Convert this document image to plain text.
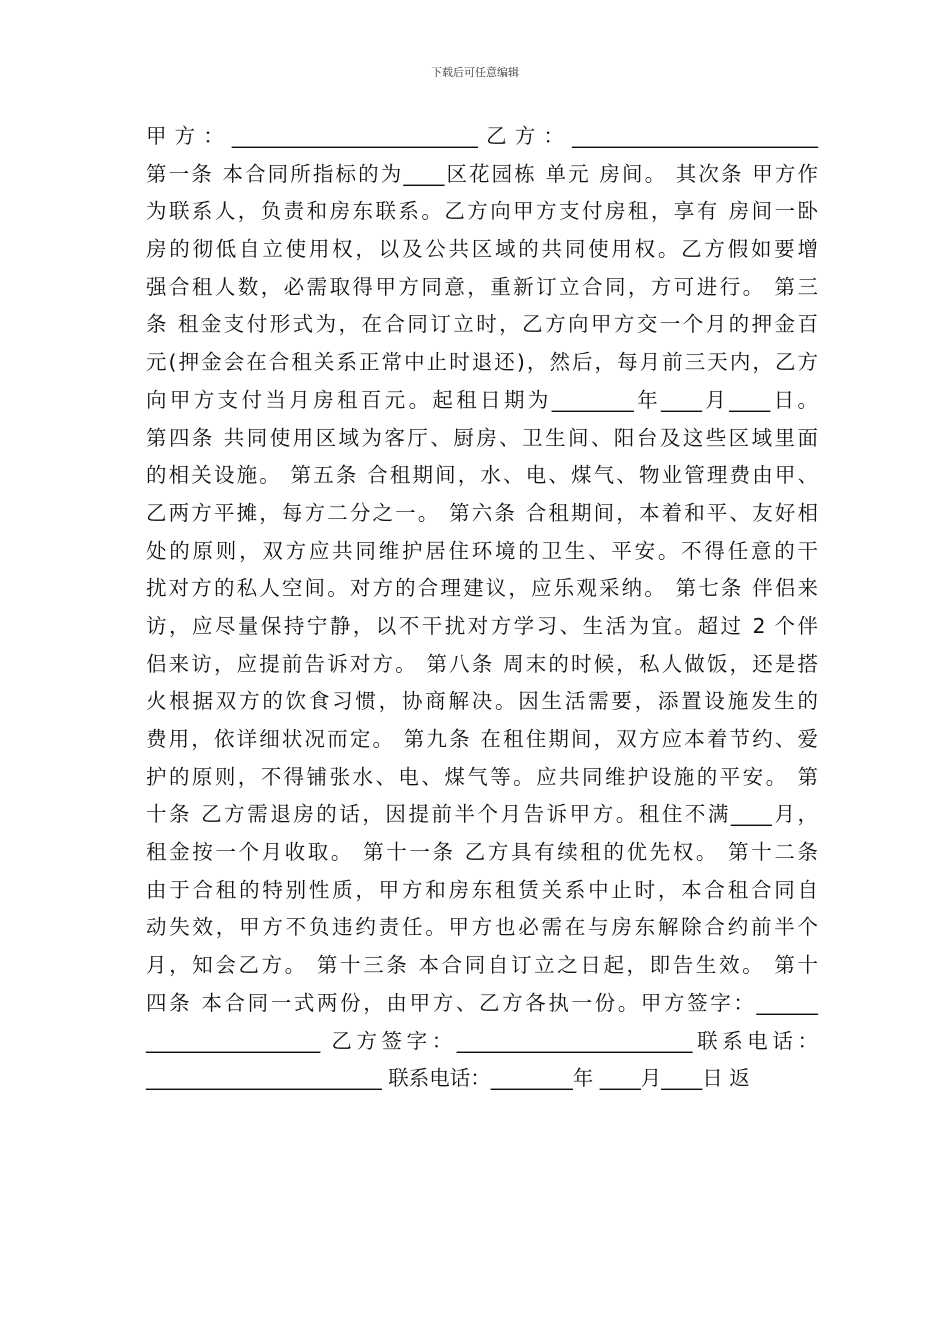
下载后可任意编辑
甲方：________________________乙方：________________________
第一条 本合同所指标的为____区花园栋 单元 房间。 其次条 甲方作
为联系人，负责和房东联系。乙方向甲方支付房租，享有 房间一卧
房的彻低自立使用权，以及公共区域的共同使用权。乙方假如要增
强合租人数，必需取得甲方同意，重新订立合同，方可进行。 第三
条 租金支付形式为，在合同订立时，乙方向甲方交一个月的押金百
元(押金会在合租关系正常中止时退还)，然后，每月前三天内，乙方
向甲方支付当月房租百元。起租日期为________年____月____日。
第四条 共同使用区域为客厅、厨房、卫生间、阳台及这些区域里面
的相关设施。 第五条 合租期间，水、电、煤气、物业管理费由甲、
乙两方平摊，每方二分之一。 第六条 合租期间，本着和平、友好相
处的原则，双方应共同维护居住环境的卫生、平安。不得任意的干
扰对方的私人空间。对方的合理建议，应乐观采纳。 第七条 伴侣来
访，应尽量保持宁静，以不干扰对方学习、生活为宜。超过 2 个伴
侣来访，应提前告诉对方。 第八条 周末的时候，私人做饭，还是搭
火根据双方的饮食习惯，协商解决。因生活需要，添置设施发生的
费用，依详细状况而定。 第九条 在租住期间，双方应本着节约、爱
护的原则，不得铺张水、电、煤气等。应共同维护设施的平安。 第
十条 乙方需退房的话，因提前半个月告诉甲方。租住不满____月，
租金按一个月收取。 第十一条 乙方具有续租的优先权。 第十二条
由于合租的特别性质，甲方和房东租赁关系中止时，本合租合同自
动失效，甲方不负违约责任。甲方也必需在与房东解除合约前半个
月，知会乙方。 第十三条 本合同自订立之日起，即告生效。 第十
四条 本合同一式两份，由甲方、乙方各执一份。甲方签字：______
_________________ 乙方签字：_______________________联系电话：
_______________________ 联系电话：________年 ____月____日 返
